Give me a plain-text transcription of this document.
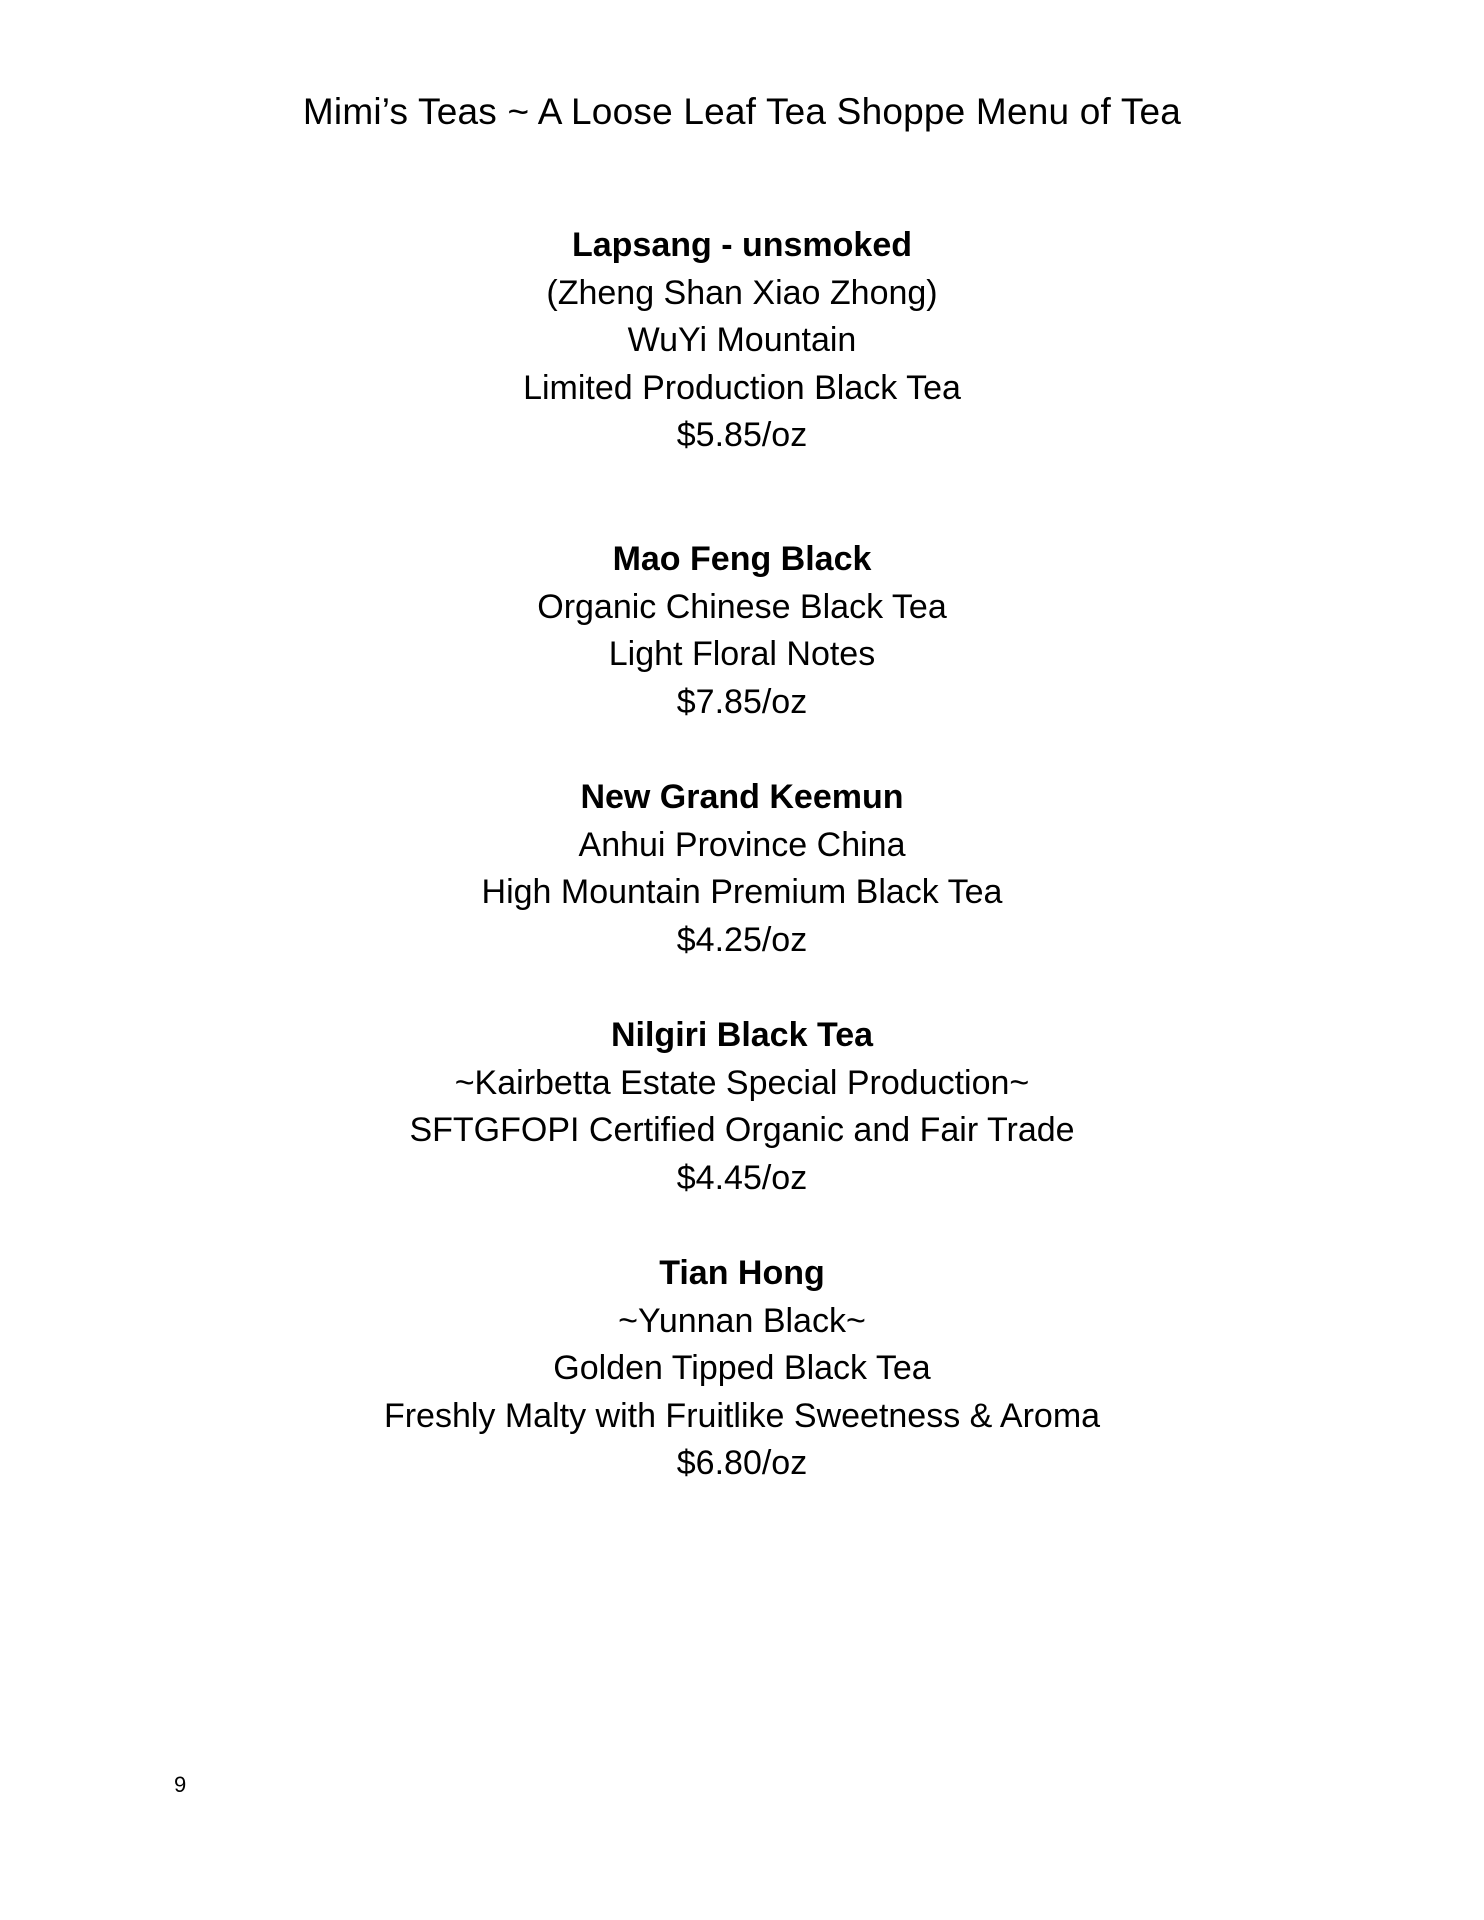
Mimi’s Teas ~ A Loose Leaf Tea Shoppe Menu of Tea
Lapsang - unsmoked
(Zheng Shan Xiao Zhong)
WuYi Mountain
Limited Production Black Tea
$5.85/oz
Mao Feng Black
Organic Chinese Black Tea
Light Floral Notes
$7.85/oz
New Grand Keemun
Anhui Province China
High Mountain Premium Black Tea
$4.25/oz
Nilgiri Black Tea
~Kairbetta Estate Special Production~
SFTGFOPI Certified Organic and Fair Trade
$4.45/oz
Tian Hong
~Yunnan Black~
Golden Tipped Black Tea
Freshly Malty with Fruitlike Sweetness & Aroma
$6.80/oz
9
